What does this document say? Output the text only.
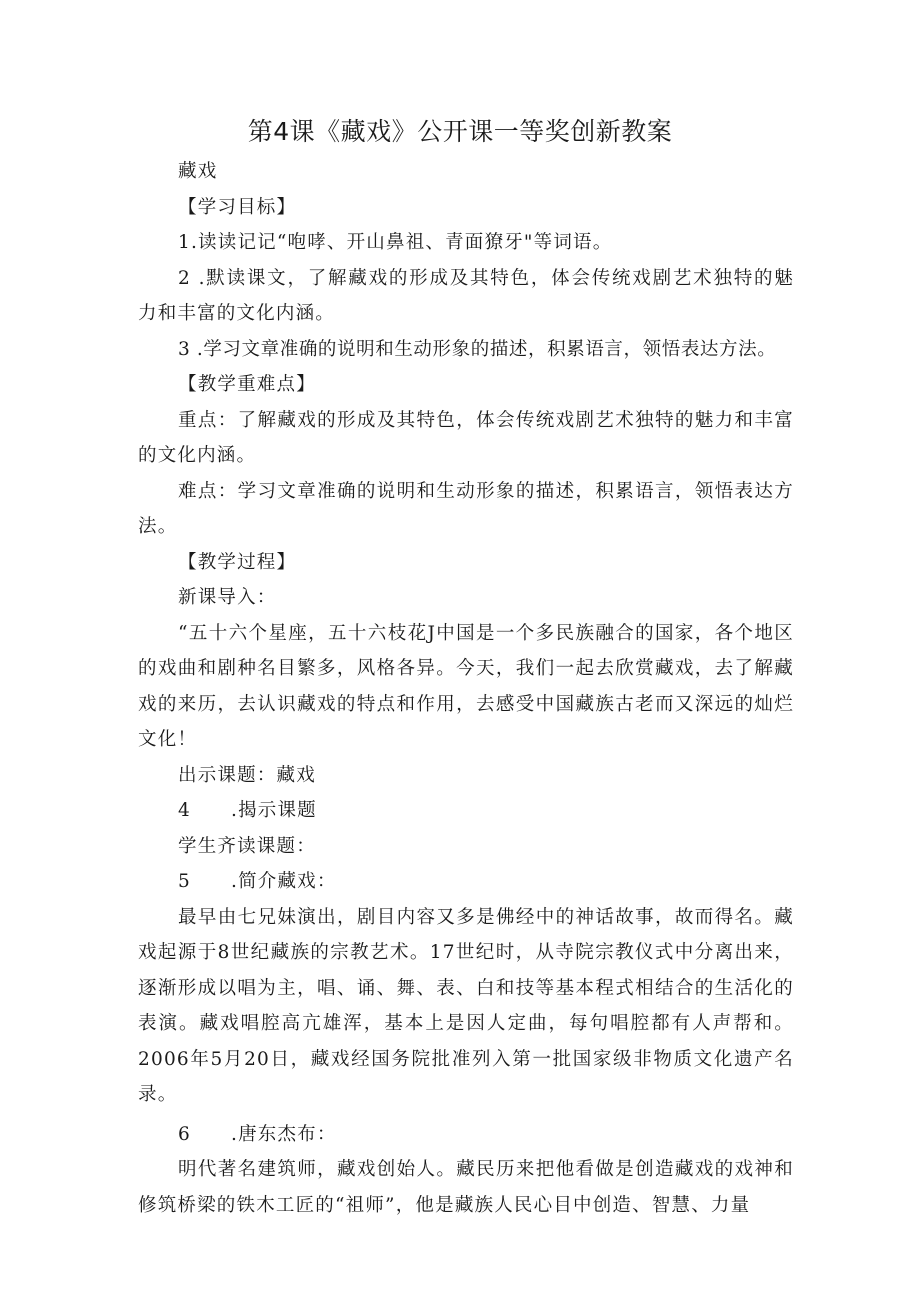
第4课《藏戏》公开课一等奖创新教案

藏戏

【学习目标】

1.读读记记“咆哮、开山鼻祖、青面獠牙"等词语。

2 .默读课文，了解藏戏的形成及其特色，体会传统戏剧艺术独特的魅力和丰富的文化内涵。

3 .学习文章准确的说明和生动形象的描述，积累语言，领悟表达方法。

【教学重难点】

重点：了解藏戏的形成及其特色，体会传统戏剧艺术独特的魅力和丰富的文化内涵。

难点：学习文章准确的说明和生动形象的描述，积累语言，领悟表达方法。

【教学过程】

新课导入：

“五十六个星座，五十六枝花J中国是一个多民族融合的国家，各个地区的戏曲和剧种名目繁多，风格各异。今天，我们一起去欣赏藏戏，去了解藏戏的来历，去认识藏戏的特点和作用，去感受中国藏族古老而又深远的灿烂文化！

出示课题：藏戏

4 .揭示课题

学生齐读课题：

5 .简介藏戏：

最早由七兄妹演出，剧目内容又多是佛经中的神话故事，故而得名。藏戏起源于8世纪藏族的宗教艺术。17世纪时，从寺院宗教仪式中分离出来，逐渐形成以唱为主，唱、诵、舞、表、白和技等基本程式相结合的生活化的表演。藏戏唱腔高亢雄浑，基本上是因人定曲，每句唱腔都有人声帮和。2006年5月20日，藏戏经国务院批准列入第一批国家级非物质文化遗产名录。

6 .唐东杰布：

明代著名建筑师，藏戏创始人。藏民历来把他看做是创造藏戏的戏神和修筑桥梁的铁木工匠的“祖师”，他是藏族人民心目中创造、智慧、力量
